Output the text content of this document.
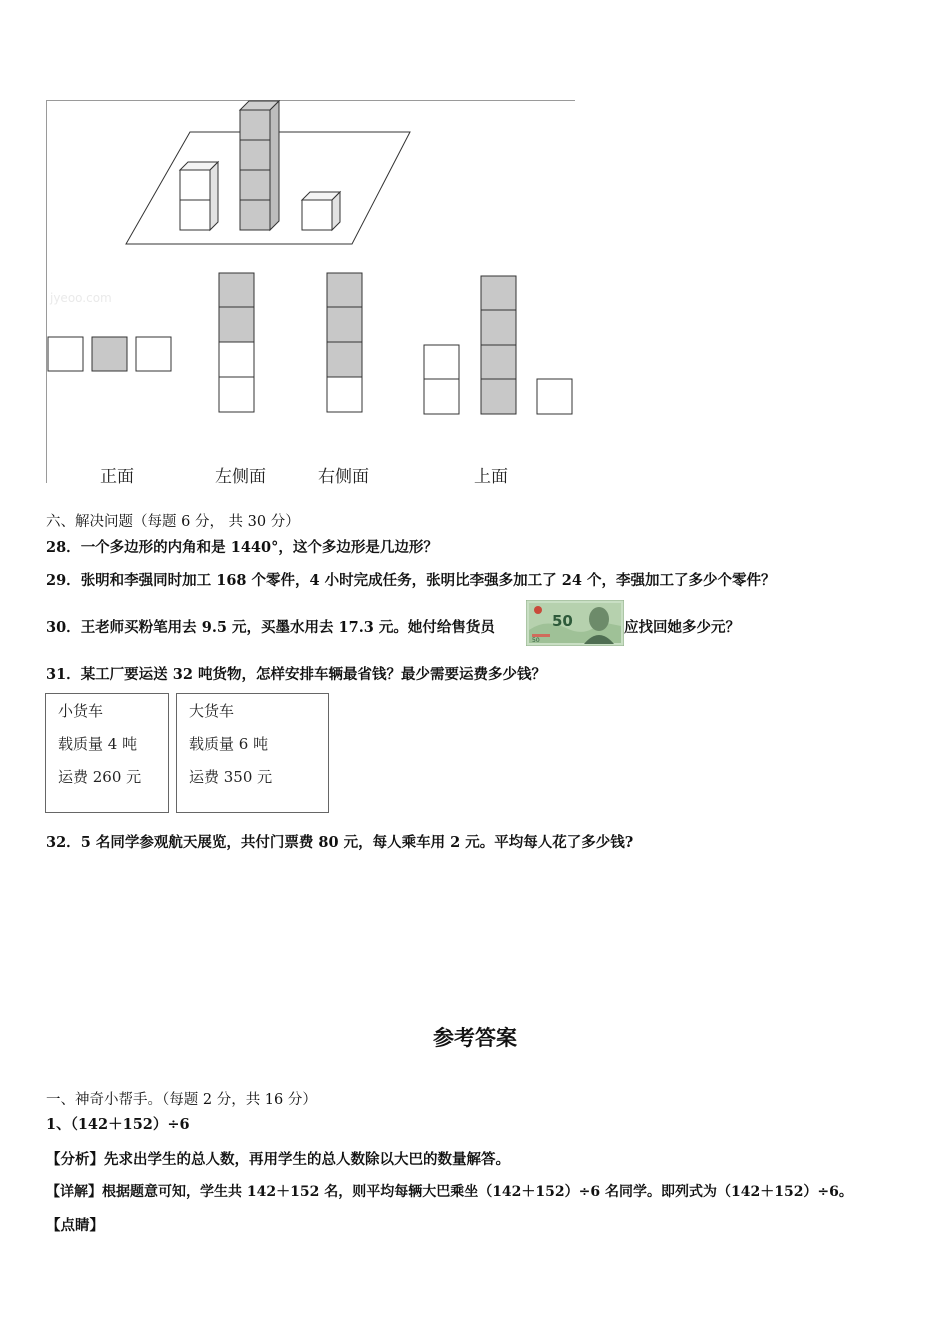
jyeoo.com
正面	左侧面	右侧面	上面
六、解决问题（每题 6 分， 共 30 分）
28．一个多边形的内角和是 1440°，这个多边形是几边形？
29．张明和李强同时加工 168 个零件，4 小时完成任务，张明比李强多加工了 24 个，李强加工了多少个零件？
30．王老师买粉笔用去 9.5 元，买墨水用去 17.3 元。她付给售货员	50
50
应找回她多少元？
31．某工厂要运送 32 吨货物，怎样安排车辆最省钱？最少需要运费多少钱？
小货车
载质量 4 吨
运费 260 元
大货车
载质量 6 吨
运费 350 元
32．5 名同学参观航天展览，共付门票费 80 元，每人乘车用 2 元。平均每人花了多少钱?
参考答案
一、神奇小帮手。（每题 2 分，共 16 分）
1、（142＋152）÷6
【分析】先求出学生的总人数，再用学生的总人数除以大巴的数量解答。
【详解】根据题意可知，学生共 142＋152 名，则平均每辆大巴乘坐（142＋152）÷6 名同学。即列式为（142＋152）÷6。
【点睛】
